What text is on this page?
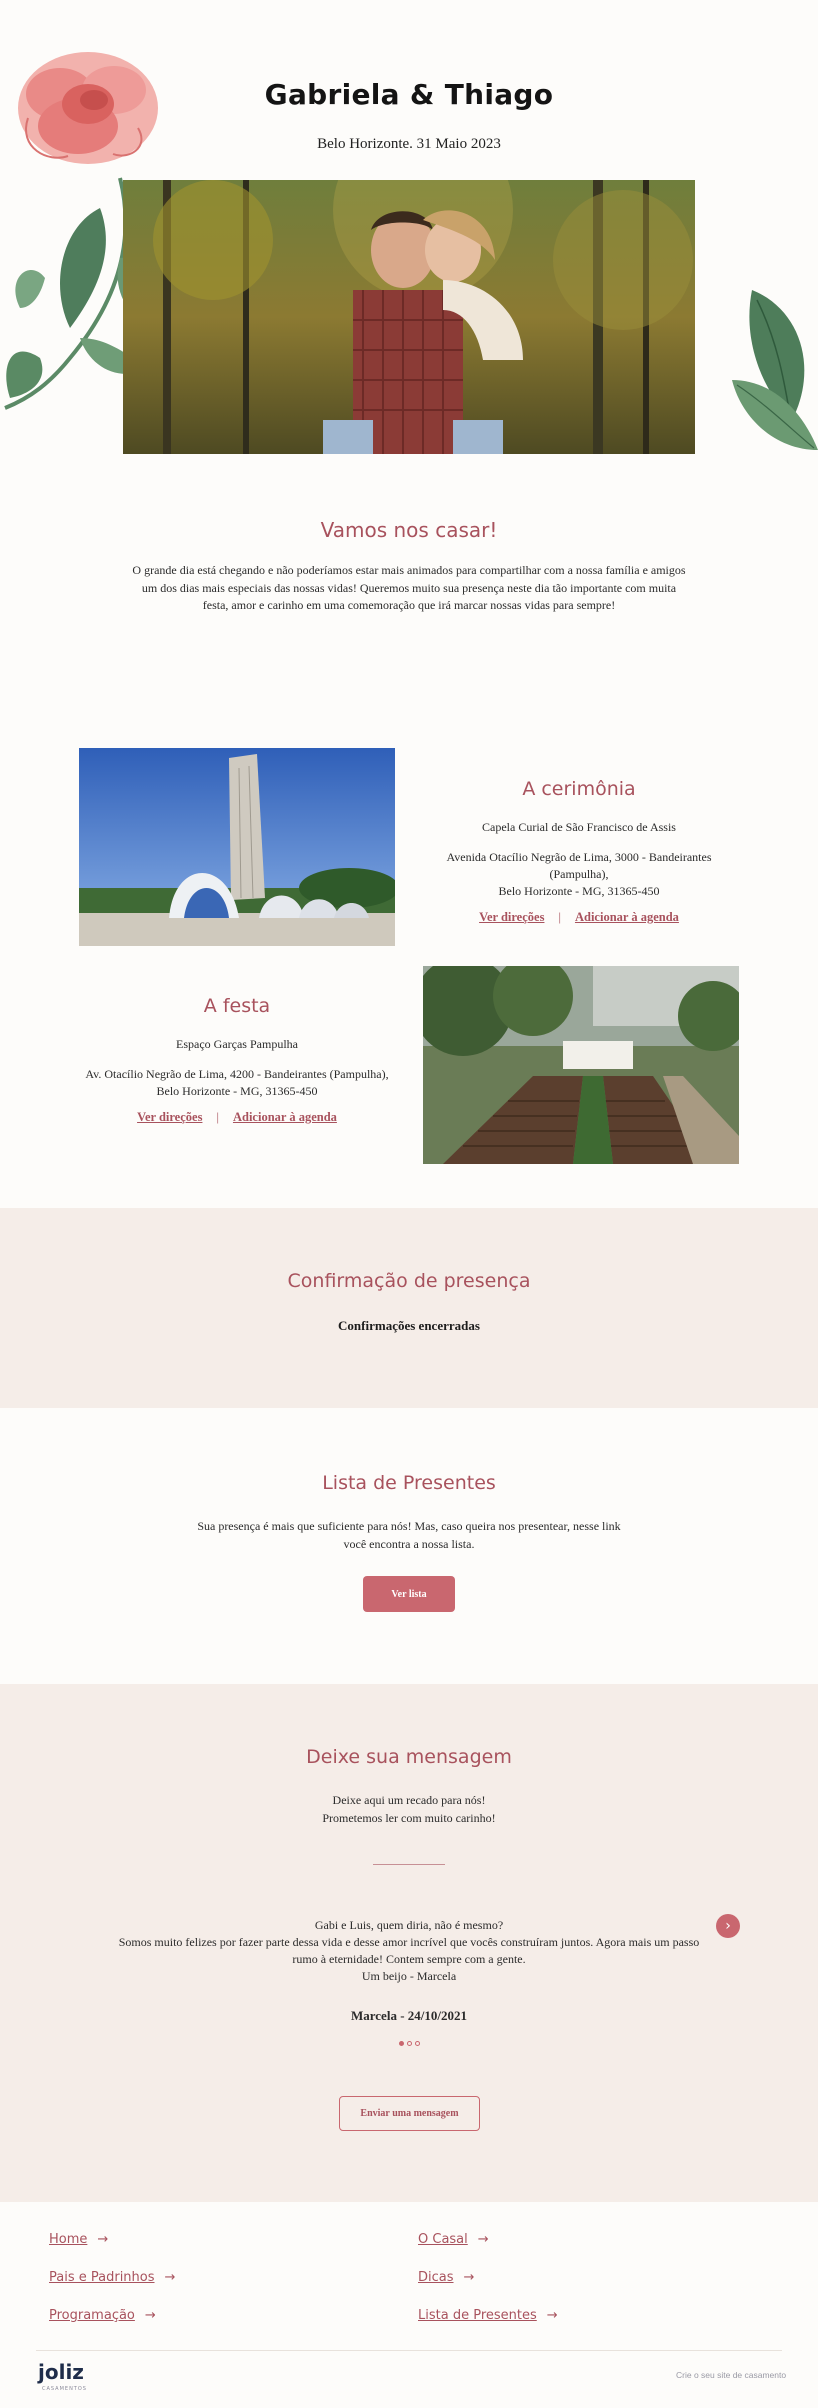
Gabriela & Thiago
Belo Horizonte. 31 Maio 2023
Vamos nos casar!

O grande dia está chegando e não poderíamos estar mais animados para compartilhar com a nossa família e amigos um dos dias mais especiais das nossas vidas! Queremos muito sua presença neste dia tão importante com muita festa, amor e carinho em uma comemoração que irá marcar nossas vidas para sempre!

A cerimônia
Capela Curial de São Francisco de Assis
Avenida Otacílio Negrão de Lima, 3000 - Bandeirantes (Pampulha),
Belo Horizonte - MG, 31365-450
Ver direções | Adicionar à agenda
A festa
Espaço Garças Pampulha
Av. Otacílio Negrão de Lima, 4200 - Bandeirantes (Pampulha),
Belo Horizonte - MG, 31365-450
Ver direções | Adicionar à agenda
Confirmação de presença
Confirmações encerradas
Lista de Presentes

Sua presença é mais que suficiente para nós! Mas, caso queira nos presentear, nesse link você encontra a nossa lista.

Ver lista
Deixe sua mensagem
Deixe aqui um recado para nós!
Prometemos ler com muito carinho!
Gabi e Luis, quem diria, não é mesmo?
Somos muito felizes por fazer parte dessa vida e desse amor incrível que vocês construíram juntos. Agora mais um passo rumo à eternidade! Contem sempre com a gente.
Um beijo - Marcela
›
Marcela - 24/10/2021
Enviar uma mensagem
Home →	O Casal →
Pais e Padrinhos →	Dicas →
Programação →	Lista de Presentes →
joliz
CASAMENTOS
Crie o seu site de casamento
